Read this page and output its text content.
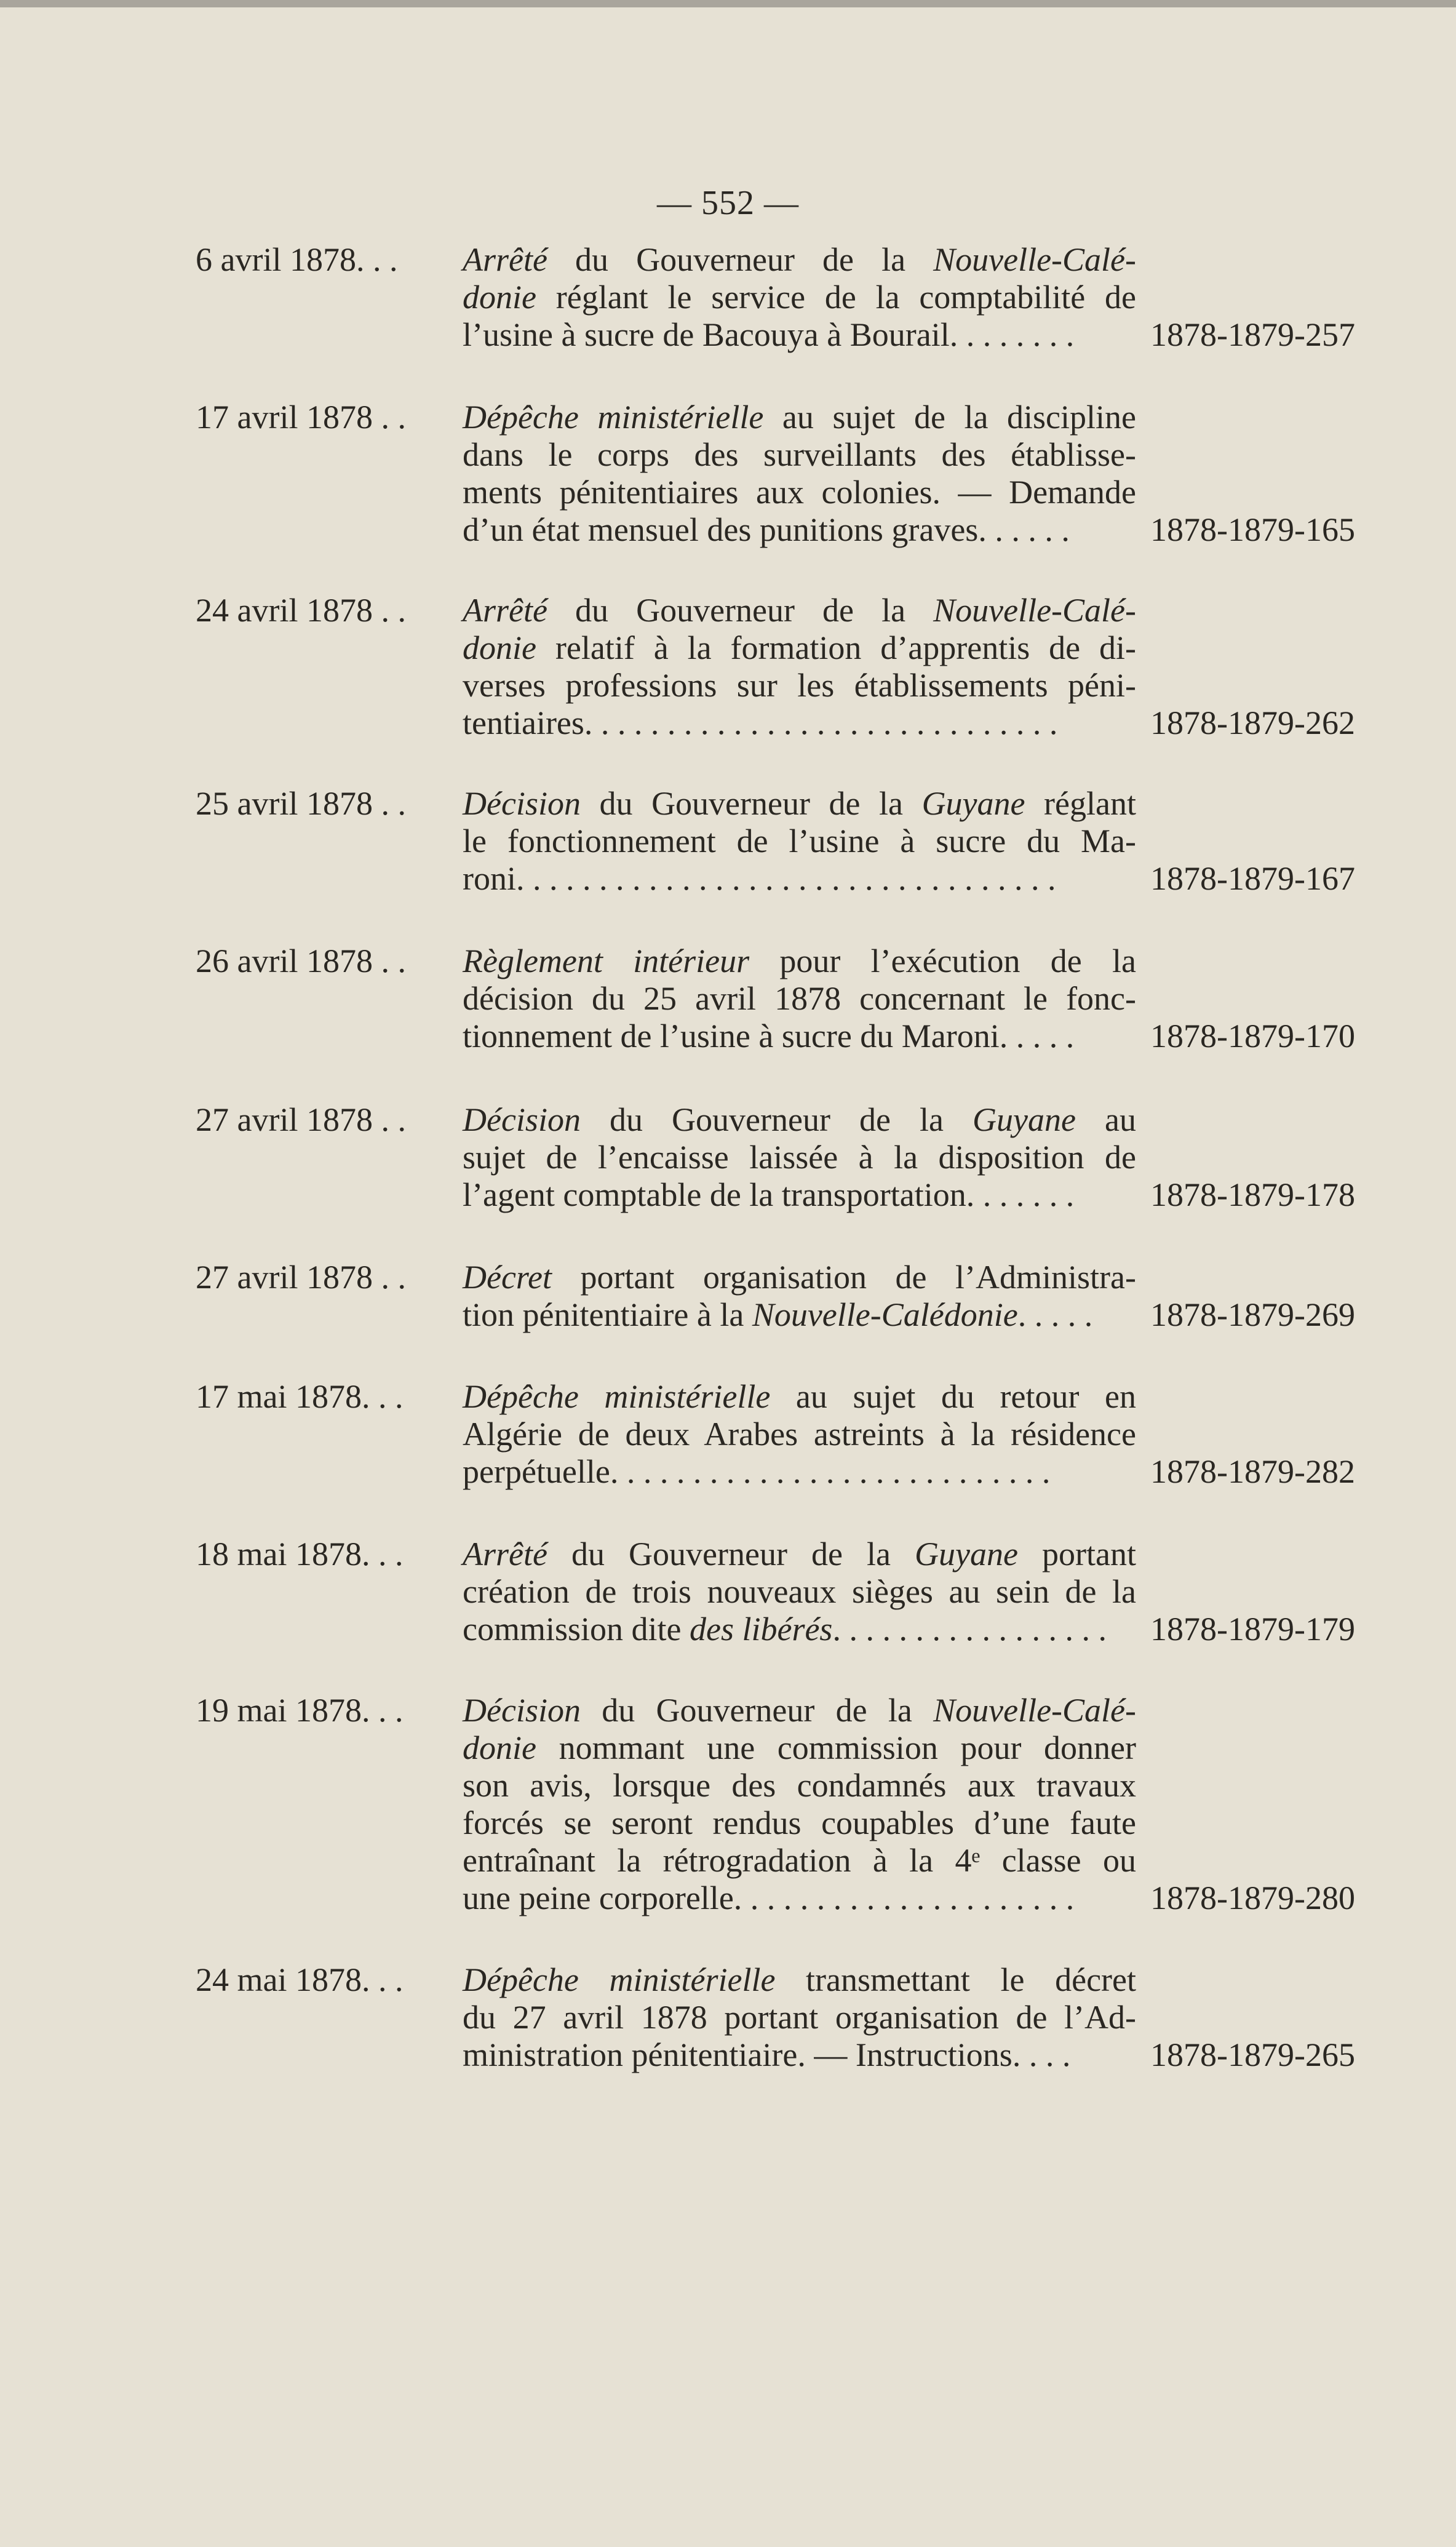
— 552 —
6 avril 1878. . . Arrêté du Gouverneur de la Nouvelle-Calé-
donie réglant le service de la comptabilité de
l’usine à sucre de Bacouya à Bourail. . . . . . . .	1878-1879-257
17 avril 1878 . . Dépêche ministérielle au sujet de la discipline
dans le corps des surveillants des établisse-
ments pénitentiaires aux colonies. — Demande
d’un état mensuel des punitions graves. . . . . .	1878-1879-165
24 avril 1878 . . Arrêté du Gouverneur de la Nouvelle-Calé-
donie relatif à la formation d’apprentis de di-
verses professions sur les établissements péni-
tentiaires. . . . . . . . . . . . . . . . . . . . . . . . . . . . .	1878-1879-262
25 avril 1878 . . Décision du Gouverneur de la Guyane réglant
le fonctionnement de l’usine à sucre du Ma-
roni. . . . . . . . . . . . . . . . . . . . . . . . . . . . . . . . .	1878-1879-167
26 avril 1878 . . Règlement intérieur pour l’exécution de la
décision du 25 avril 1878 concernant le fonc-
tionnement de l’usine à sucre du Maroni. . . . .	1878-1879-170
27 avril 1878 . . Décision du Gouverneur de la Guyane au
sujet de l’encaisse laissée à la disposition de
l’agent comptable de la transportation. . . . . . .	1878-1879-178
27 avril 1878 . . Décret portant organisation de l’Administra-
tion pénitentiaire à la Nouvelle-Calédonie. . . . .	1878-1879-269
17 mai 1878. . . Dépêche ministérielle au sujet du retour en
Algérie de deux Arabes astreints à la résidence
perpétuelle. . . . . . . . . . . . . . . . . . . . . . . . . . .	1878-1879-282
18 mai 1878. . . Arrêté du Gouverneur de la Guyane portant
création de trois nouveaux sièges au sein de la
commission dite des libérés. . . . . . . . . . . . . . . . .	1878-1879-179
19 mai 1878. . . Décision du Gouverneur de la Nouvelle-Calé-
donie nommant une commission pour donner
son avis, lorsque des condamnés aux travaux
forcés se seront rendus coupables d’une faute
entraînant la rétrogradation à la 4ᵉ classe ou
une peine corporelle. . . . . . . . . . . . . . . . . . . . .	1878-1879-280
24 mai 1878. . . Dépêche ministérielle transmettant le décret
du 27 avril 1878 portant organisation de l’Ad-
ministration pénitentiaire. — Instructions. . . .	1878-1879-265
